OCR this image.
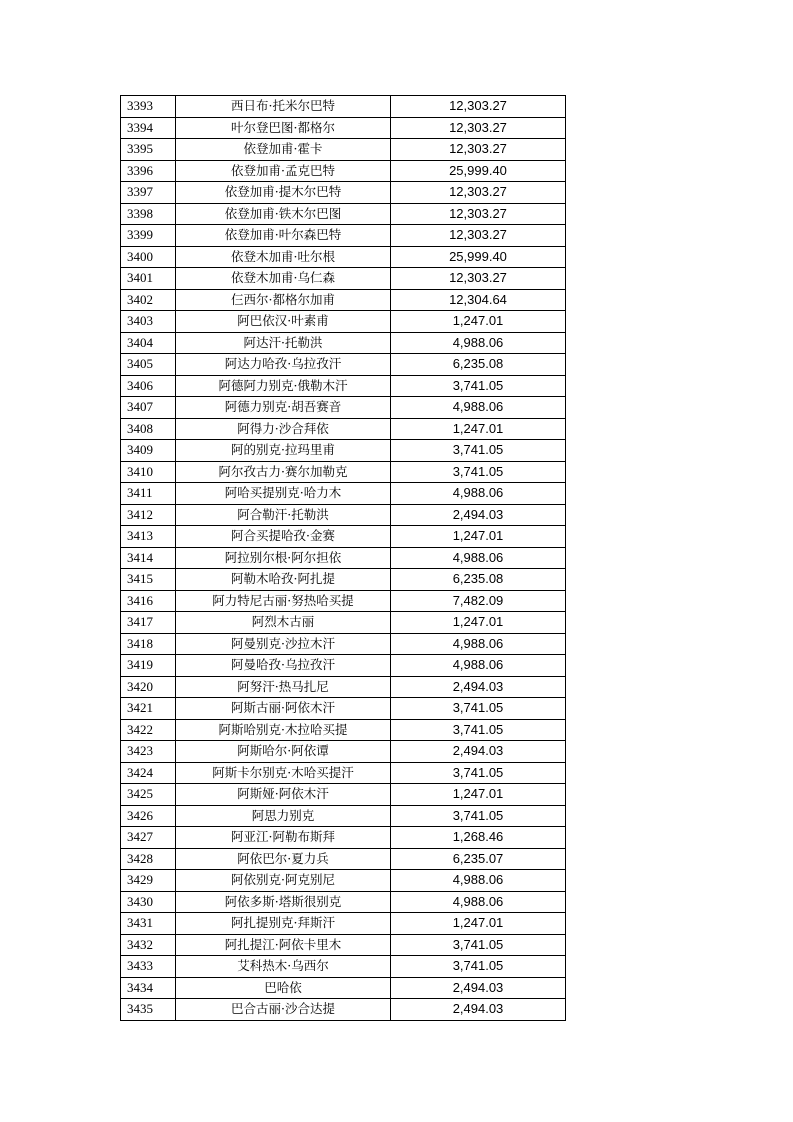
3393	西日布·托米尔巴特	12,303.27
3394	叶尔登巴图·都格尔	12,303.27
3395	依登加甫·霍卡	12,303.27
3396	依登加甫·孟克巴特	25,999.40
3397	依登加甫·提木尔巴特	12,303.27
3398	依登加甫·铁木尔巴图	12,303.27
3399	依登加甫·叶尔森巴特	12,303.27
3400	依登木加甫·吐尔根	25,999.40
3401	依登木加甫·乌仁森	12,303.27
3402	仨西尔·都格尔加甫	12,304.64
3403	阿巴依汉·叶素甫	1,247.01
3404	阿达汗·托勒洪	4,988.06
3405	阿达力哈孜·乌拉孜汗	6,235.08
3406	阿德阿力别克·俄勒木汗	3,741.05
3407	阿德力别克·胡吾赛音	4,988.06
3408	阿得力·沙合拜依	1,247.01
3409	阿的别克·拉玛里甫	3,741.05
3410	阿尔孜古力·赛尔加勒克	3,741.05
3411	阿哈买提别克·哈力木	4,988.06
3412	阿合勒汗·托勒洪	2,494.03
3413	阿合买提哈孜·金赛	1,247.01
3414	阿拉别尔根·阿尔担依	4,988.06
3415	阿勒木哈孜·阿扎提	6,235.08
3416	阿力特尼古丽·努热哈买提	7,482.09
3417	阿烈木古丽	1,247.01
3418	阿曼别克·沙拉木汗	4,988.06
3419	阿曼哈孜·乌拉孜汗	4,988.06
3420	阿努汗·热马扎尼	2,494.03
3421	阿斯古丽·阿依木汗	3,741.05
3422	阿斯哈别克·木拉哈买提	3,741.05
3423	阿斯哈尔·阿依谭	2,494.03
3424	阿斯卡尔别克·木哈买提汗	3,741.05
3425	阿斯娅·阿依木汗	1,247.01
3426	阿思力别克	3,741.05
3427	阿亚江·阿勒布斯拜	1,268.46
3428	阿依巴尔·夏力兵	6,235.07
3429	阿依别克·阿克别尼	4,988.06
3430	阿依多斯·塔斯很别克	4,988.06
3431	阿扎提别克·拜斯汗	1,247.01
3432	阿扎提江·阿依卡里木	3,741.05
3433	艾科热木·乌西尔	3,741.05
3434	巴哈依	2,494.03
3435	巴合古丽·沙合达提	2,494.03
